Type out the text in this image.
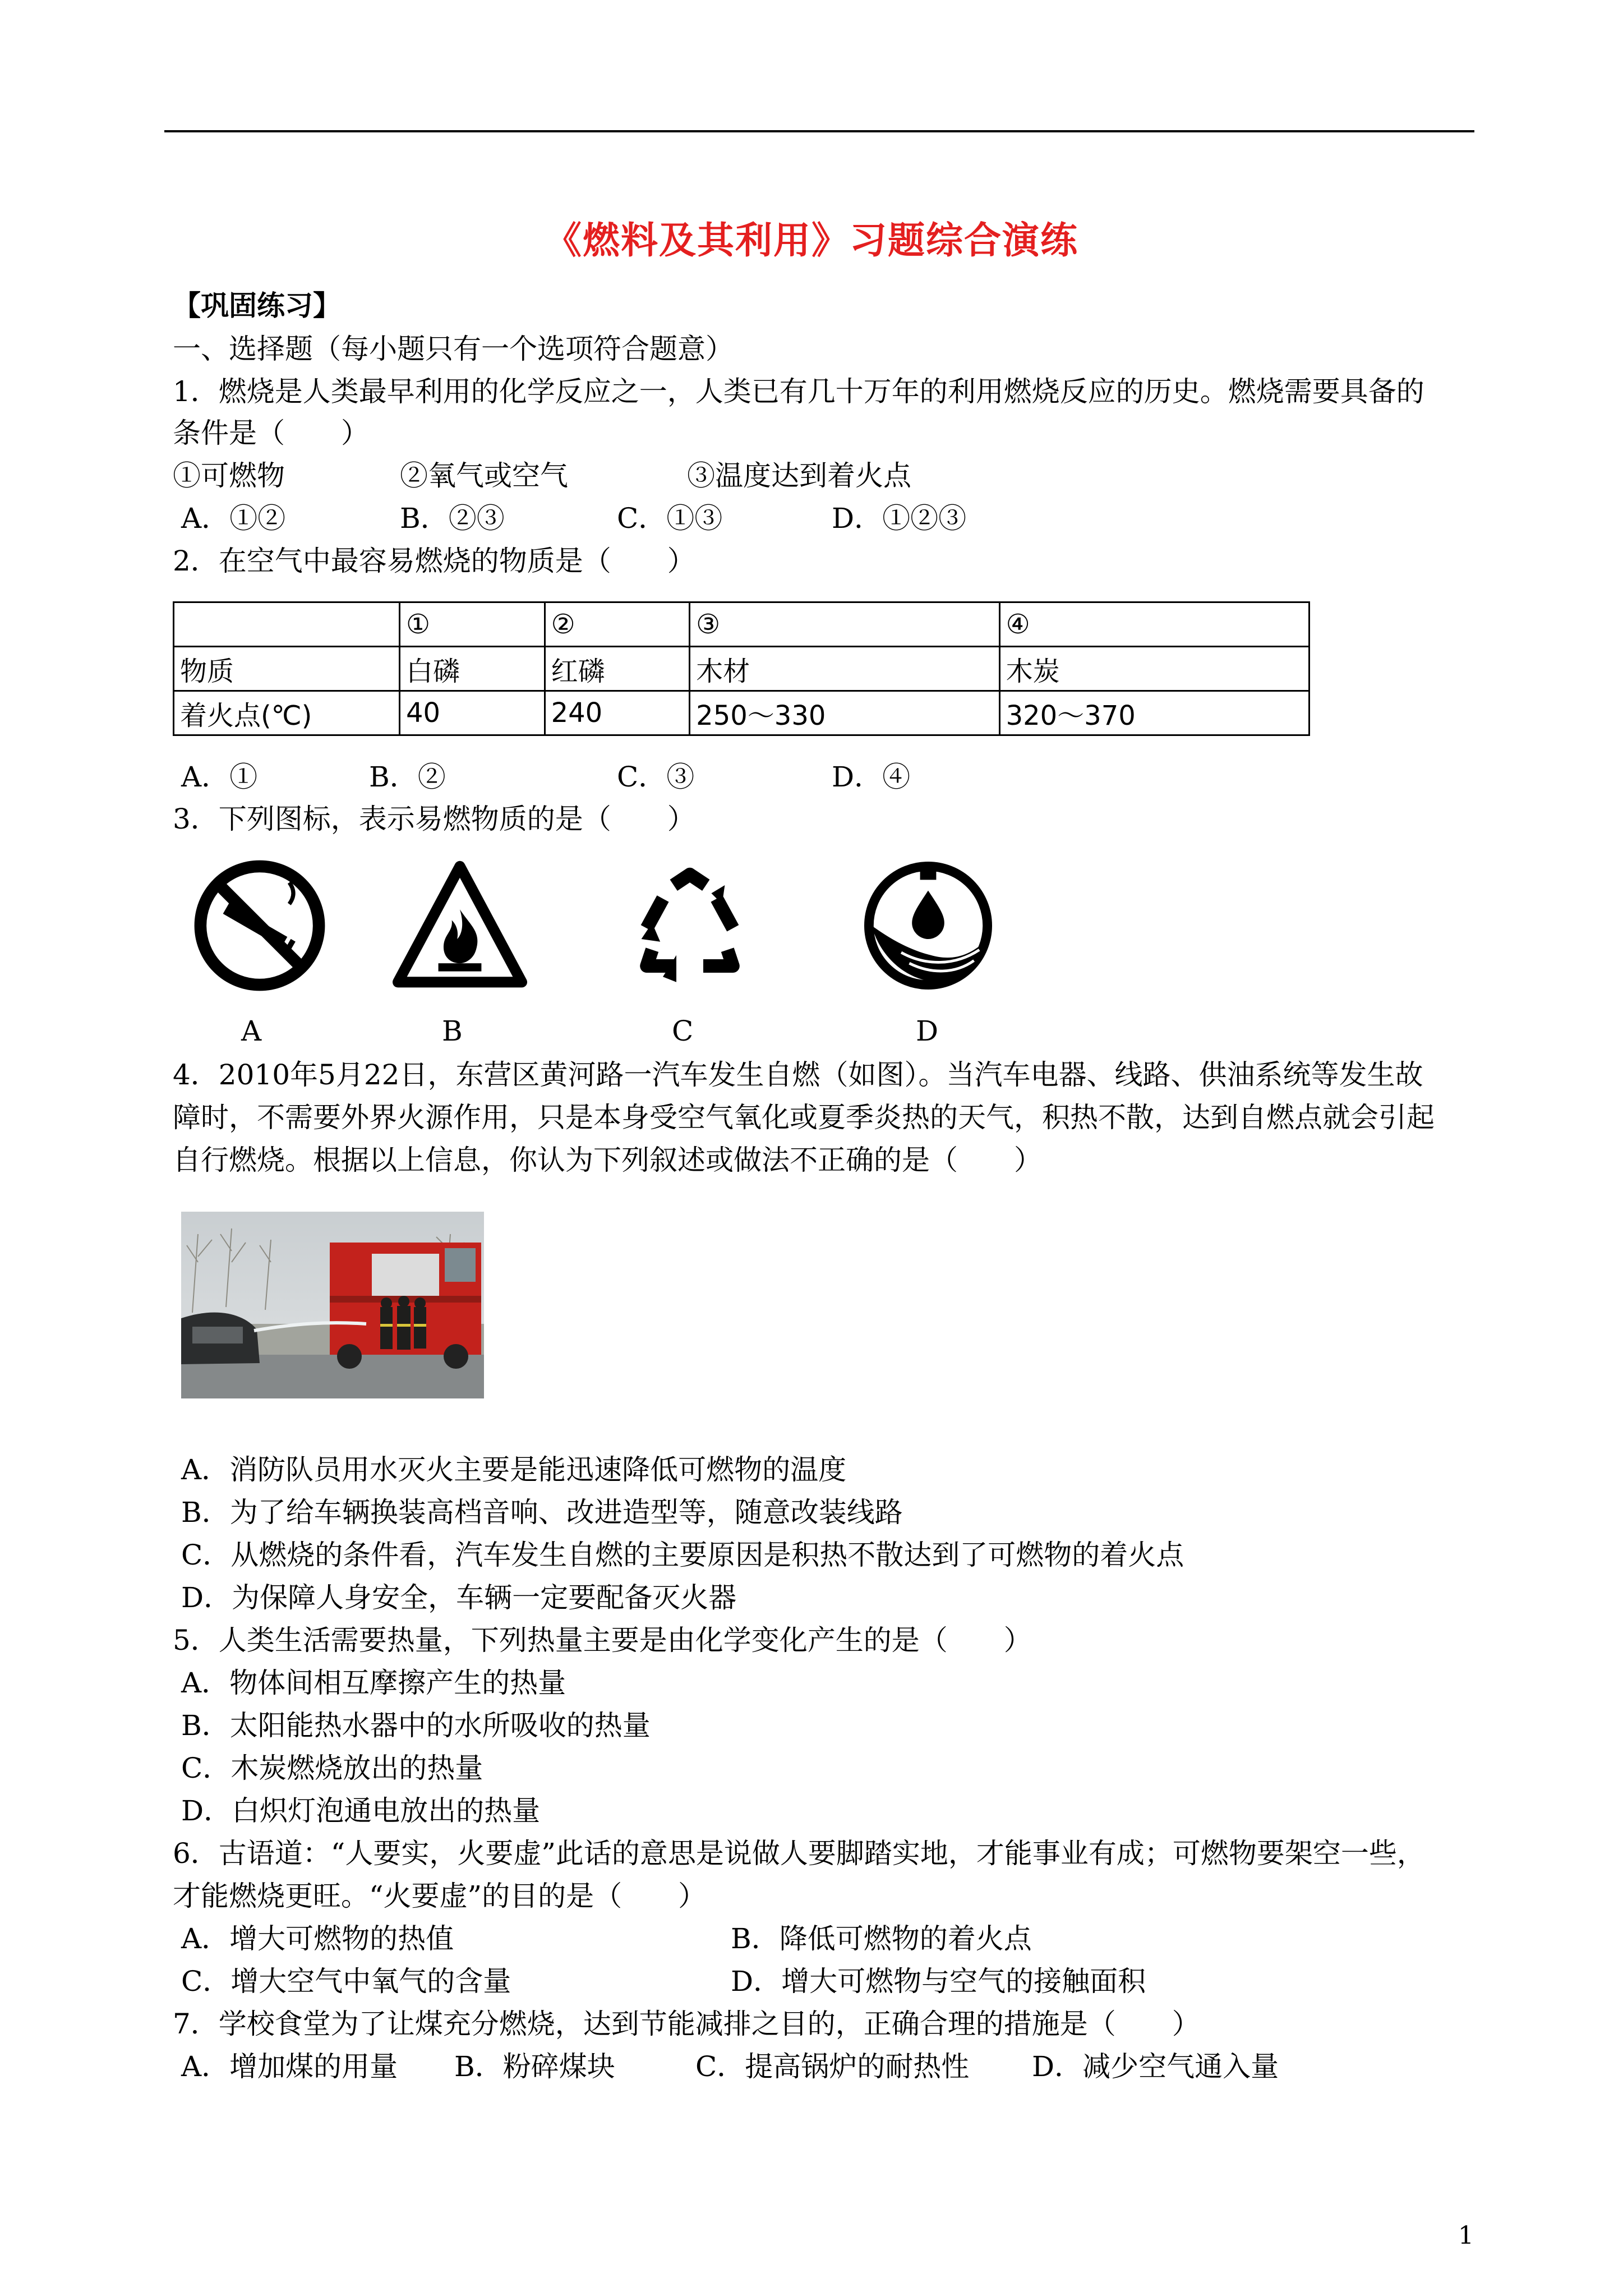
《燃料及其利用》习题综合演练
【巩固练习】
一、选择题（每小题只有一个选项符合题意）
1．燃烧是人类最早利用的化学反应之一，人类已有几十万年的利用燃烧反应的历史。燃烧需要具备的
条件是（　　）
①可燃物	②氧气或空气	③温度达到着火点
A．①②	B．②③	C．①③	D．①②③
2．在空气中最容易燃烧的物质是（　　）
	①	②	③	④
物质	白磷	红磷	木材	木炭
着火点(℃)	40	240	250～330	320～370
A．①	B．②	C．③	D．④
3．下列图标，表示易燃物质的是（　　）
A	B	C	D
4．2010年5月22日，东营区黄河路一汽车发生自燃（如图）。当汽车电器、线路、供油系统等发生故
障时，不需要外界火源作用，只是本身受空气氧化或夏季炎热的天气，积热不散，达到自燃点就会引起
自行燃烧。根据以上信息，你认为下列叙述或做法不正确的是（　　）
A．消防队员用水灭火主要是能迅速降低可燃物的温度
B．为了给车辆换装高档音响、改进造型等，随意改装线路
C．从燃烧的条件看，汽车发生自燃的主要原因是积热不散达到了可燃物的着火点
D．为保障人身安全，车辆一定要配备灭火器
5．人类生活需要热量，下列热量主要是由化学变化产生的是（　　）
A．物体间相互摩擦产生的热量
B．太阳能热水器中的水所吸收的热量
C．木炭燃烧放出的热量
D．白炽灯泡通电放出的热量
6．古语道：“人要实，火要虚”此话的意思是说做人要脚踏实地，才能事业有成；可燃物要架空一些，
才能燃烧更旺。“火要虚”的目的是（　　）
A．增大可燃物的热值	B．降低可燃物的着火点
C．增大空气中氧气的含量	D．增大可燃物与空气的接触面积
7．学校食堂为了让煤充分燃烧，达到节能减排之目的，正确合理的措施是（　　）
A．增加煤的用量 B．粉碎煤块	C．提高锅炉的耐热性 D．减少空气通入量
1
